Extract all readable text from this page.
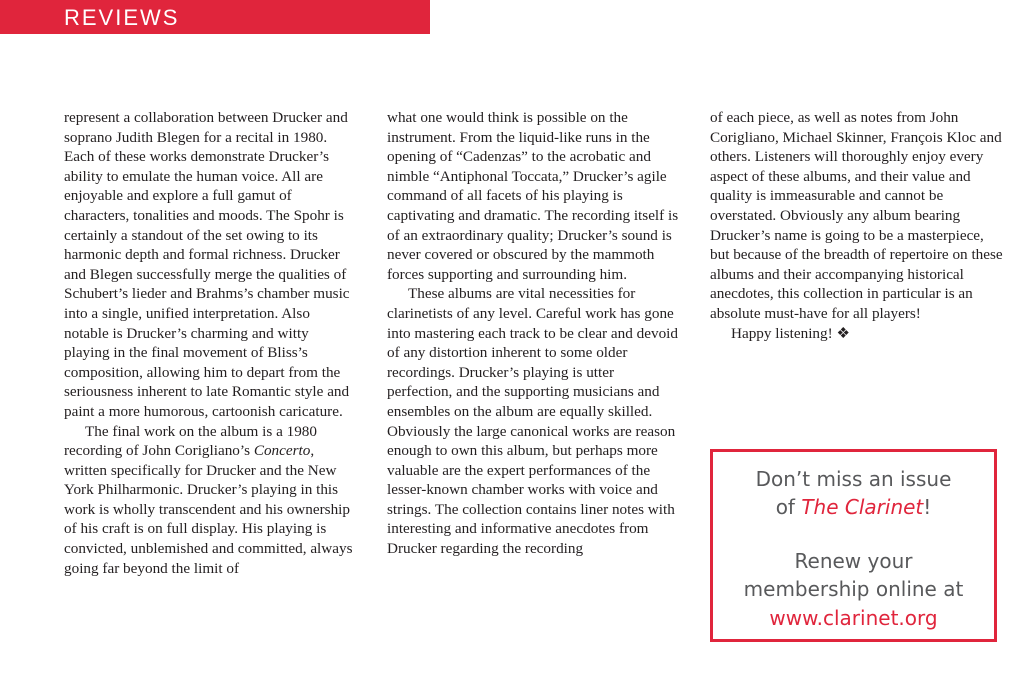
REVIEWS

represent a collaboration between Drucker and soprano Judith Blegen for a recital in 1980. Each of these works demonstrate Drucker’s ability to emulate the human voice. All are enjoyable and explore a full gamut of characters, tonalities and moods. The Spohr is certainly a standout of the set owing to its harmonic depth and formal richness. Drucker and Blegen successfully merge the qualities of Schubert’s lieder and Brahms’s chamber music into a single, unified interpretation. Also notable is Drucker’s charming and witty playing in the final movement of Bliss’s composition, allowing him to depart from the seriousness inherent to late Romantic style and paint a more humorous, cartoonish caricature.

The final work on the album is a 1980 recording of John Corigliano’s Concerto, written specifically for Drucker and the New York Philharmonic. Drucker’s playing in this work is wholly transcendent and his ownership of his craft is on full display. His playing is convicted, unblemished and committed, always going far beyond the limit of

what one would think is possible on the instrument. From the liquid-like runs in the opening of “Cadenzas” to the acrobatic and nimble “Antiphonal Toccata,” Drucker’s agile command of all facets of his playing is captivating and dramatic. The recording itself is of an extraordinary quality; Drucker’s sound is never covered or obscured by the mammoth forces supporting and surrounding him.

These albums are vital necessities for clarinetists of any level. Careful work has gone into mastering each track to be clear and devoid of any distortion inherent to some older recordings. Drucker’s playing is utter perfection, and the supporting musicians and ensembles on the album are equally skilled. Obviously the large canonical works are reason enough to own this album, but perhaps more valuable are the expert performances of the lesser-known chamber works with voice and strings. The collection contains liner notes with interesting and informative anecdotes from Drucker regarding the recording

of each piece, as well as notes from John Corigliano, Michael Skinner, François Kloc and others. Listeners will thoroughly enjoy every aspect of these albums, and their value and quality is immeasurable and cannot be overstated. Obviously any album bearing Drucker’s name is going to be a masterpiece, but because of the breadth of repertoire on these albums and their accompanying historical anecdotes, this collection in particular is an absolute must-have for all players!

Happy listening! ❖

Don’t miss an issue
of The Clarinet!
Renew your
membership online at
www.clarinet.org
